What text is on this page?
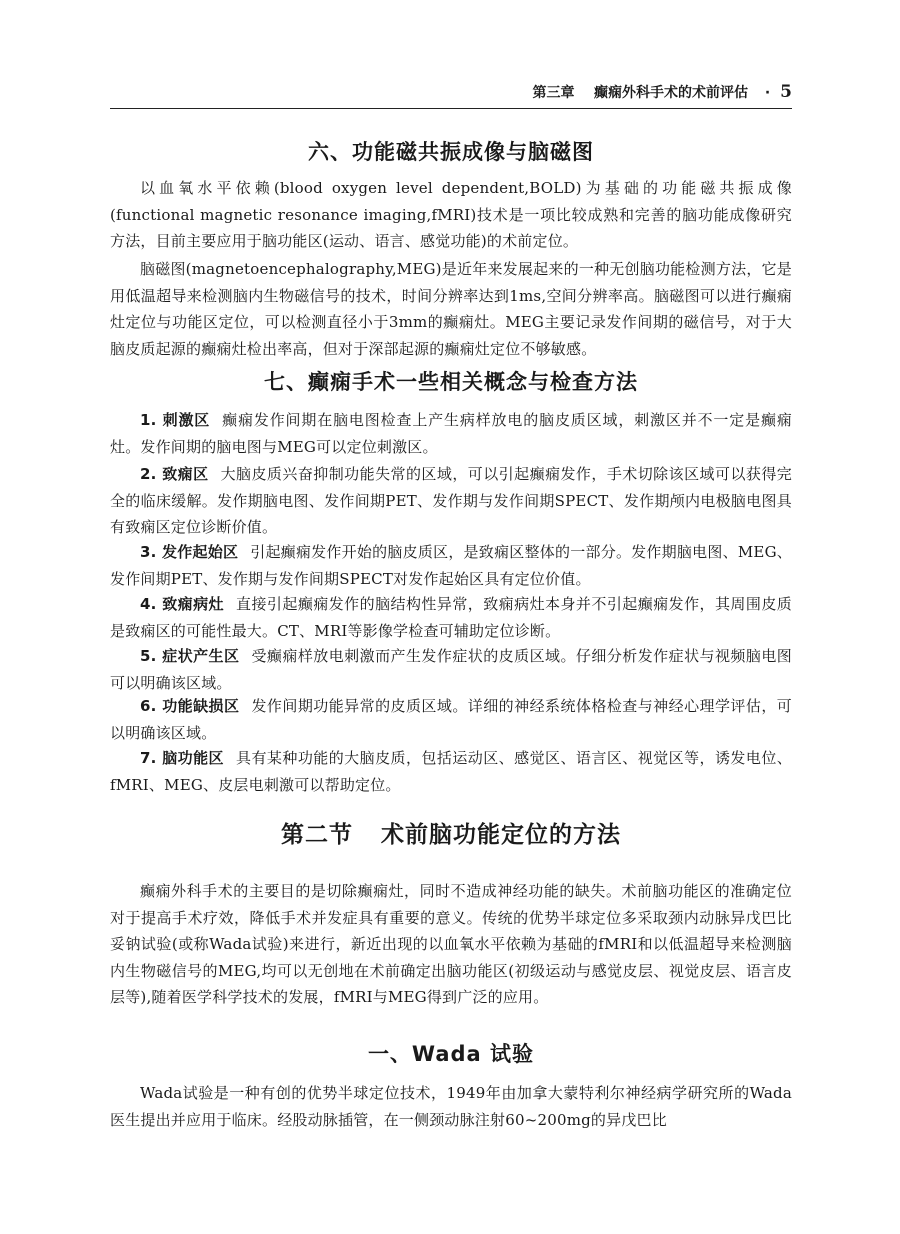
第三章 癫痫外科手术的术前评估 · 5
六、功能磁共振成像与脑磁图
以血氧水平依赖(blood oxygen level dependent,BOLD)为基础的功能磁共振成像(functional magnetic resonance imaging,fMRI)技术是一项比较成熟和完善的脑功能成像研究方法，目前主要应用于脑功能区(运动、语言、感觉功能)的术前定位。
脑磁图(magnetoencephalography,MEG)是近年来发展起来的一种无创脑功能检测方法，它是用低温超导来检测脑内生物磁信号的技术，时间分辨率达到1ms,空间分辨率高。脑磁图可以进行癫痫灶定位与功能区定位，可以检测直径小于3mm的癫痫灶。MEG主要记录发作间期的磁信号，对于大脑皮质起源的癫痫灶检出率高，但对于深部起源的癫痫灶定位不够敏感。
七、癫痫手术一些相关概念与检查方法
1. 刺激区 癫痫发作间期在脑电图检查上产生病样放电的脑皮质区域，刺激区并不一定是癫痫灶。发作间期的脑电图与MEG可以定位刺激区。
2. 致痫区 大脑皮质兴奋抑制功能失常的区域，可以引起癫痫发作，手术切除该区域可以获得完全的临床缓解。发作期脑电图、发作间期PET、发作期与发作间期SPECT、发作期颅内电极脑电图具有致痫区定位诊断价值。
3. 发作起始区 引起癫痫发作开始的脑皮质区，是致痫区整体的一部分。发作期脑电图、MEG、发作间期PET、发作期与发作间期SPECT对发作起始区具有定位价值。
4. 致痫病灶 直接引起癫痫发作的脑结构性异常，致痫病灶本身并不引起癫痫发作，其周围皮质是致痫区的可能性最大。CT、MRI等影像学检查可辅助定位诊断。
5. 症状产生区 受癫痫样放电刺激而产生发作症状的皮质区域。仔细分析发作症状与视频脑电图可以明确该区域。
6. 功能缺损区 发作间期功能异常的皮质区域。详细的神经系统体格检查与神经心理学评估，可以明确该区域。
7. 脑功能区 具有某种功能的大脑皮质，包括运动区、感觉区、语言区、视觉区等，诱发电位、fMRI、MEG、皮层电刺激可以帮助定位。
第二节 术前脑功能定位的方法
癫痫外科手术的主要目的是切除癫痫灶，同时不造成神经功能的缺失。术前脑功能区的准确定位对于提高手术疗效，降低手术并发症具有重要的意义。传统的优势半球定位多采取颈内动脉异戊巴比妥钠试验(或称Wada试验)来进行，新近出现的以血氧水平依赖为基础的fMRI和以低温超导来检测脑内生物磁信号的MEG,均可以无创地在术前确定出脑功能区(初级运动与感觉皮层、视觉皮层、语言皮层等),随着医学科学技术的发展，fMRI与MEG得到广泛的应用。
一、Wada 试验
Wada试验是一种有创的优势半球定位技术，1949年由加拿大蒙特利尔神经病学研究所的Wada医生提出并应用于临床。经股动脉插管，在一侧颈动脉注射60~200mg的异戊巴比
